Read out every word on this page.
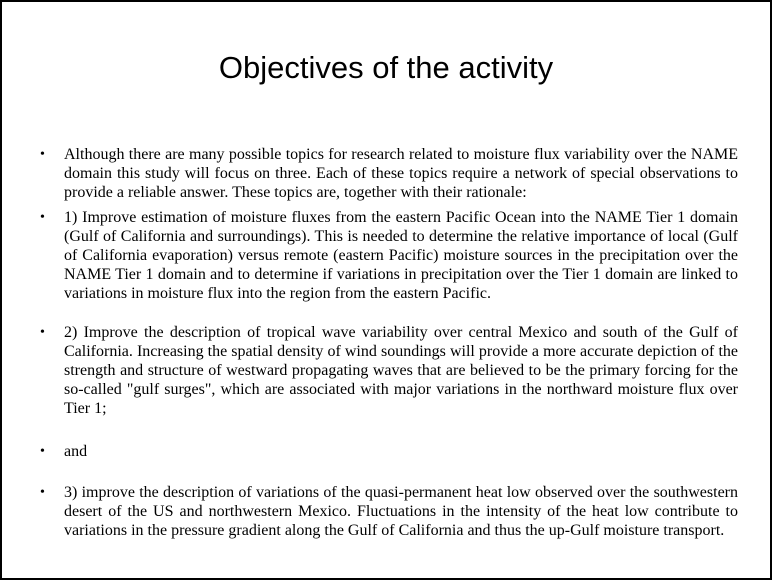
Objectives of the activity
•	Although there are many possible topics for research related to moisture flux variability over the NAME domain this study will focus on three. Each of these topics require a network of special observations to provide a reliable answer. These topics are, together with their rationale:
•	1) Improve estimation of moisture fluxes from the eastern Pacific Ocean into the NAME Tier 1 domain (Gulf of California and surroundings). This is needed to determine the relative importance of local (Gulf of California evaporation) versus remote (eastern Pacific) moisture sources in the precipitation over the NAME Tier 1 domain and to determine if variations in precipitation over the Tier 1 domain are linked to variations in moisture flux into the region from the eastern Pacific.
•	2) Improve the description of tropical wave variability over central Mexico and south of the Gulf of California. Increasing the spatial density of wind soundings will provide a more accurate depiction of the strength and structure of westward propagating waves that are believed to be the primary forcing for the so-called "gulf surges", which are associated with major variations in the northward moisture flux over Tier 1;
•	and
•	3) improve the description of variations of the quasi-permanent heat low observed over the southwestern desert of the US and northwestern Mexico. Fluctuations in the intensity of the heat low contribute to variations in the pressure gradient along the Gulf of California and thus the up-Gulf moisture transport.
